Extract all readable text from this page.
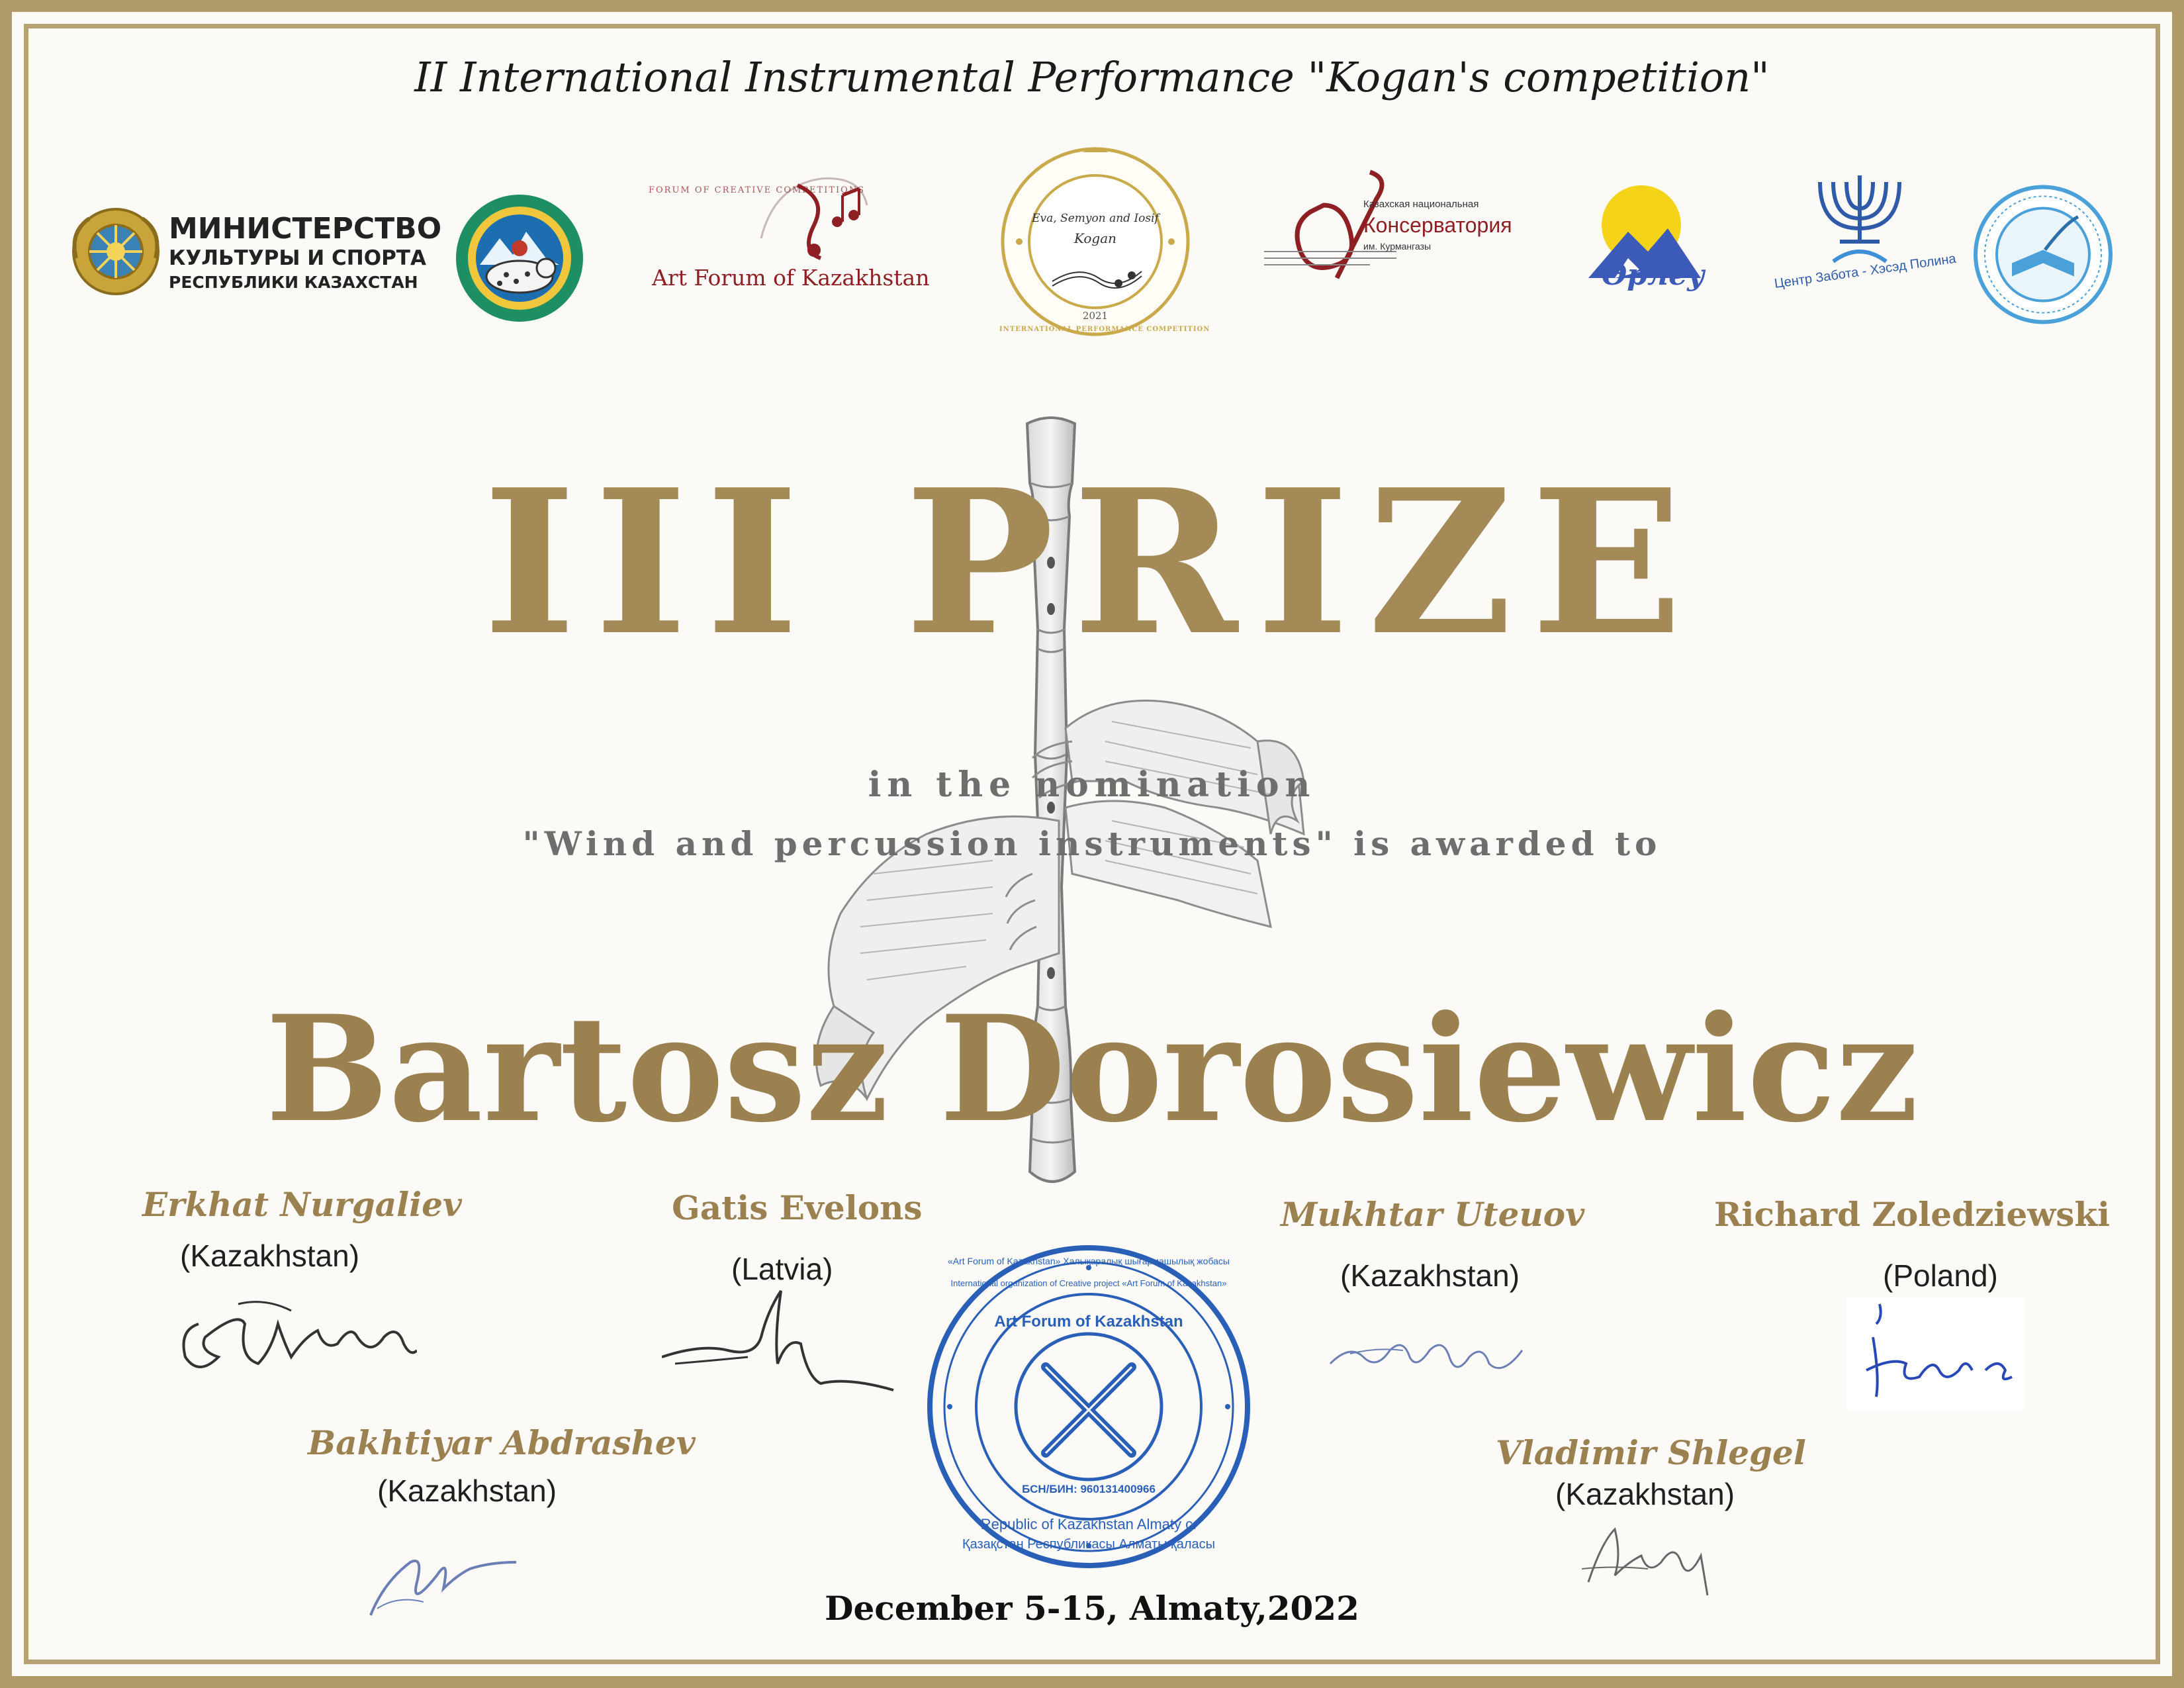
II International Instrumental Performance "Kogan's competition"
МИНИСТЕРСТВО
КУЛЬТУРЫ И СПОРТА
РЕСПУБЛИКИ КАЗАХСТАН
FORUM OF CREATIVE COMPETITIONS
Art Forum of Kazakhstan
INTERNATIONAL PERFORMANCE COMPETITION
Eva, Semyon and Iosif
Kogan
2021
Казахская национальная
Консерватория
им. Курмангазы
Өрлеу	Центр Забота - Хэсэд Полина
III PRIZE
in the nomination
"Wind and percussion instruments" is awarded to
Bartosz Dorosiewicz
Erkhat Nurgaliev
(Kazakhstan)
Gatis Evelons
(Latvia)
Mukhtar Uteuov
(Kazakhstan)
Richard Zoledziewski
(Poland)
Bakhtiyar Abdrashev
(Kazakhstan)
Vladimir Shlegel
(Kazakhstan)
«Art Forum of Kazakhstan» Халықаралық шығармашылық жобасы
International organization of Creative project «Art Forum of Kazakhstan»
Art Forum of Kazakhstan
БСН/БИН: 960131400966
Republic of Kazakhstan Almaty c.
Қазақстан Республикасы Алматы қаласы
December 5-15, Almaty,2022
